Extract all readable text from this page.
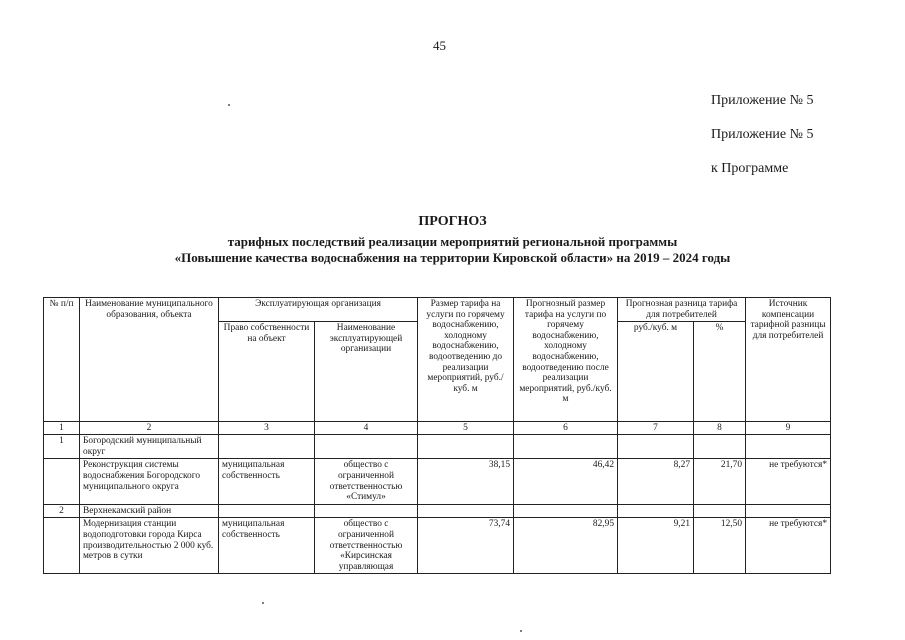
45
Приложение № 5
Приложение № 5
к Программе
ПРОГНОЗ
тарифных последствий реализации мероприятий региональной программы
«Повышение качества водоснабжения на территории Кировской области» на 2019 – 2024 годы
№ п/п	Наименование муниципального образования, объекта	Эксплуатирующая организация		Размер тарифа на услуги по горячему водоснабжению, холодному водоснабжению, водоотведению до реализации мероприятий, руб./куб. м	Прогнозный размер тарифа на услуги по горячему водоснабжению, холодному водоснабжению, водоотведению после реализации мероприятий, руб./куб. м	Прогнозная разница тарифа для потребителей		Источник компенсации тарифной разницы для потребителей
		Право собственности на объект	Наименование эксплуатирующей организации			руб./куб. м	%	
1	2	3	4	5	6	7	8	9
1	Богородский муниципальный округ							
	Реконструкция системы водоснабжения Богородского муниципального округа	муниципальная собственность	общество с ограниченной ответственностью «Стимул»	38,15	46,42	8,27	21,70	не требуются*
2	Верхнекамский район							
	Модернизация станции водоподготовки города Кирса производительностью 2 000 куб. метров в сутки	муниципальная собственность	общество с ограниченной ответственностью «Кирсинская управляющая	73,74	82,95	9,21	12,50	не требуются*
